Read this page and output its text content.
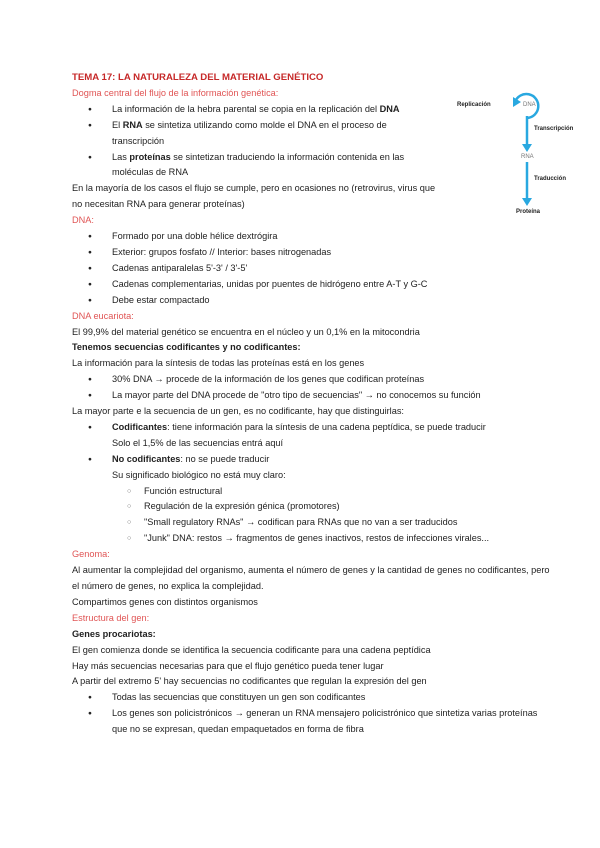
TEMA 17: LA NATURALEZA DEL MATERIAL GENÉTICO
Dogma central del flujo de la información genética:
● La información de la hebra parental se copia en la replicación del DNA
● El RNA se sintetiza utilizando como molde el DNA en el proceso de transcripción
● Las proteínas se sintetizan traduciendo la información contenida en las moléculas de RNA
En la mayoría de los casos el flujo se cumple, pero en ocasiones no (retrovirus, virus que no necesitan RNA para generar proteínas)
DNA:
● Formado por una doble hélice dextrógira
● Exterior: grupos fosfato // Interior: bases nitrogenadas
● Cadenas antiparalelas 5'-3' / 3'-5'
● Cadenas complementarias, unidas por puentes de hidrógeno entre A-T y G-C
● Debe estar compactado
DNA eucariota:
El 99,9% del material genético se encuentra en el núcleo y un 0,1% en la mitocondria
Tenemos secuencias codificantes y no codificantes:
La información para la síntesis de todas las proteínas está en los genes
● 30% DNA → procede de la información de los genes que codifican proteínas
● La mayor parte del DNA procede de "otro tipo de secuencias" → no conocemos su función
La mayor parte e la secuencia de un gen, es no codificante, hay que distinguirlas:
● Codificantes: tiene información para la síntesis de una cadena peptídica, se puede traducir
Solo el 1,5% de las secuencias entrá aquí
● No codificantes: no se puede traducir
Su significado biológico no está muy claro:
○ Función estructural
○ Regulación de la expresión génica (promotores)
○ "Small regulatory RNAs" → codifican para RNAs que no van a ser traducidos
○ "Junk" DNA: restos → fragmentos de genes inactivos, restos de infecciones virales...
Genoma:
Al aumentar la complejidad del organismo, aumenta el número de genes y la cantidad de genes no codificantes, pero el número de genes, no explica la complejidad.
Compartimos genes con distintos organismos
Estructura del gen:
Genes procariotas:
El gen comienza donde se identifica la secuencia codificante para una cadena peptídica
Hay más secuencias necesarias para que el flujo genético pueda tener lugar
A partir del extremo 5' hay secuencias no codificantes que regulan la expresión del gen
● Todas las secuencias que constituyen un gen son codificantes
● Los genes son policistrónicos → generan un RNA mensajero policistrónico que sintetiza varias proteínas que no se expresan, quedan empaquetados en forma de fibra
Replicación	DNA
Transcripción
RNA
Traducción
Proteína
